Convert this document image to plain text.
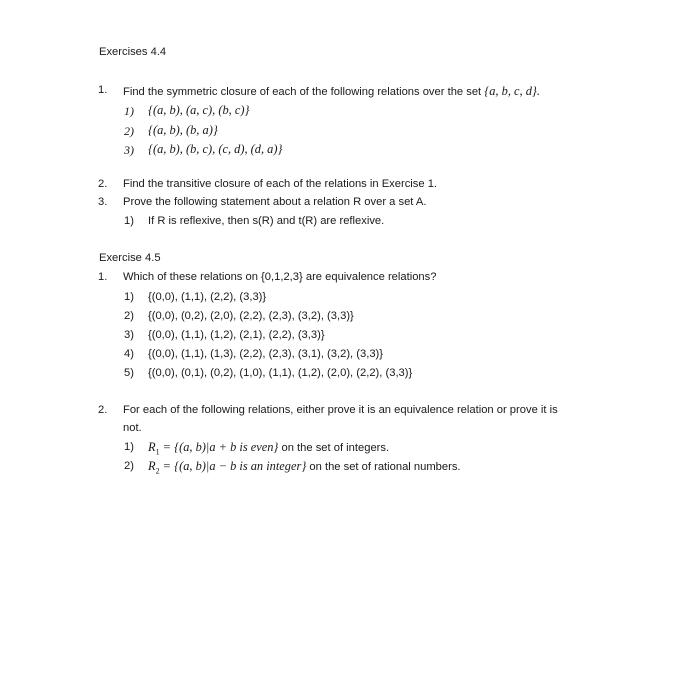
Exercises 4.4
1. Find the symmetric closure of each of the following relations over the set {a, b, c, d}.
1) {(a, b), (a, c), (b, c)}
2) {(a, b), (b, a)}
3) {(a, b), (b, c), (c, d), (d, a)}
2. Find the transitive closure of each of the relations in Exercise 1.
3. Prove the following statement about a relation R over a set A.
1) If R is reflexive, then s(R) and t(R) are reflexive.
Exercise 4.5
1. Which of these relations on {0,1,2,3} are equivalence relations?
1) {(0,0), (1,1), (2,2), (3,3)}
2) {(0,0), (0,2), (2,0), (2,2), (2,3), (3,2), (3,3)}
3) {(0,0), (1,1), (1,2), (2,1), (2,2), (3,3)}
4) {(0,0), (1,1), (1,3), (2,2), (2,3), (3,1), (3,2), (3,3)}
5) {(0,0), (0,1), (0,2), (1,0), (1,1), (1,2), (2,0), (2,2), (3,3)}
2. For each of the following relations, either prove it is an equivalence relation or prove it is
not.
1) $R_1 = \{(a$, b)|a + b is even} on the set of integers.
2) $R_2 = \{(a$, b)|a − b is an integer} on the set of rational numbers.
